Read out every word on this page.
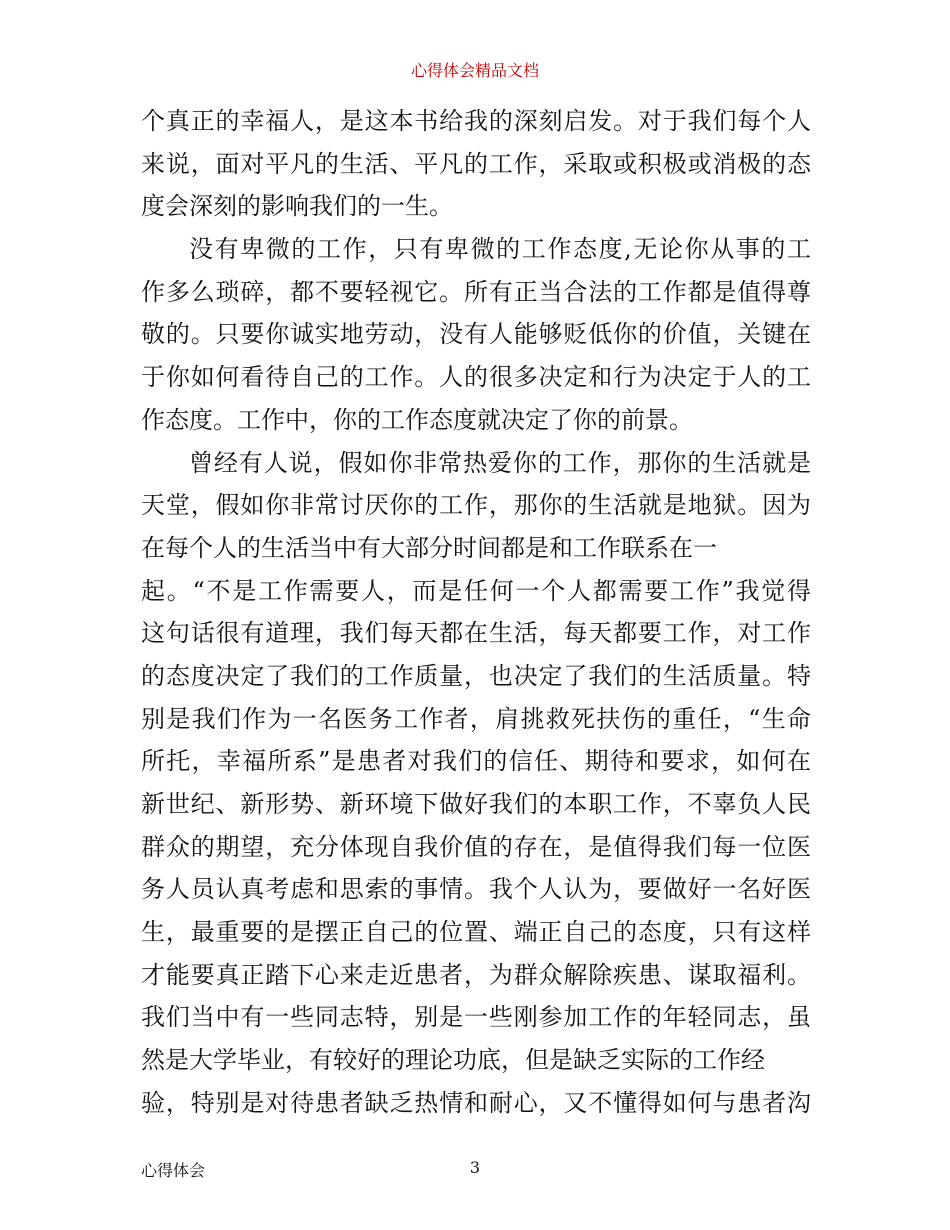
心得体会精品文档
个真正的幸福人，是这本书给我的深刻启发。对于我们每个人
来说，面对平凡的生活、平凡的工作，采取或积极或消极的态
度会深刻的影响我们的一生。
没有卑微的工作，只有卑微的工作态度,无论你从事的工
作多么琐碎，都不要轻视它。所有正当合法的工作都是值得尊
敬的。只要你诚实地劳动，没有人能够贬低你的价值，关键在
于你如何看待自己的工作。人的很多决定和行为决定于人的工
作态度。工作中，你的工作态度就决定了你的前景。
曾经有人说，假如你非常热爱你的工作，那你的生活就是
天堂，假如你非常讨厌你的工作，那你的生活就是地狱。因为
在每个人的生活当中有大部分时间都是和工作联系在一
起。“不是工作需要人，而是任何一个人都需要工作”我觉得
这句话很有道理，我们每天都在生活，每天都要工作，对工作
的态度决定了我们的工作质量，也决定了我们的生活质量。特
别是我们作为一名医务工作者，肩挑救死扶伤的重任，“生命
所托，幸福所系”是患者对我们的信任、期待和要求，如何在
新世纪、新形势、新环境下做好我们的本职工作，不辜负人民
群众的期望，充分体现自我价值的存在，是值得我们每一位医
务人员认真考虑和思索的事情。我个人认为，要做好一名好医
生，最重要的是摆正自己的位置、端正自己的态度，只有这样
才能要真正踏下心来走近患者，为群众解除疾患、谋取福利。
我们当中有一些同志特，别是一些刚参加工作的年轻同志，虽
然是大学毕业，有较好的理论功底，但是缺乏实际的工作经
验，特别是对待患者缺乏热情和耐心，又不懂得如何与患者沟
心得体会	3
